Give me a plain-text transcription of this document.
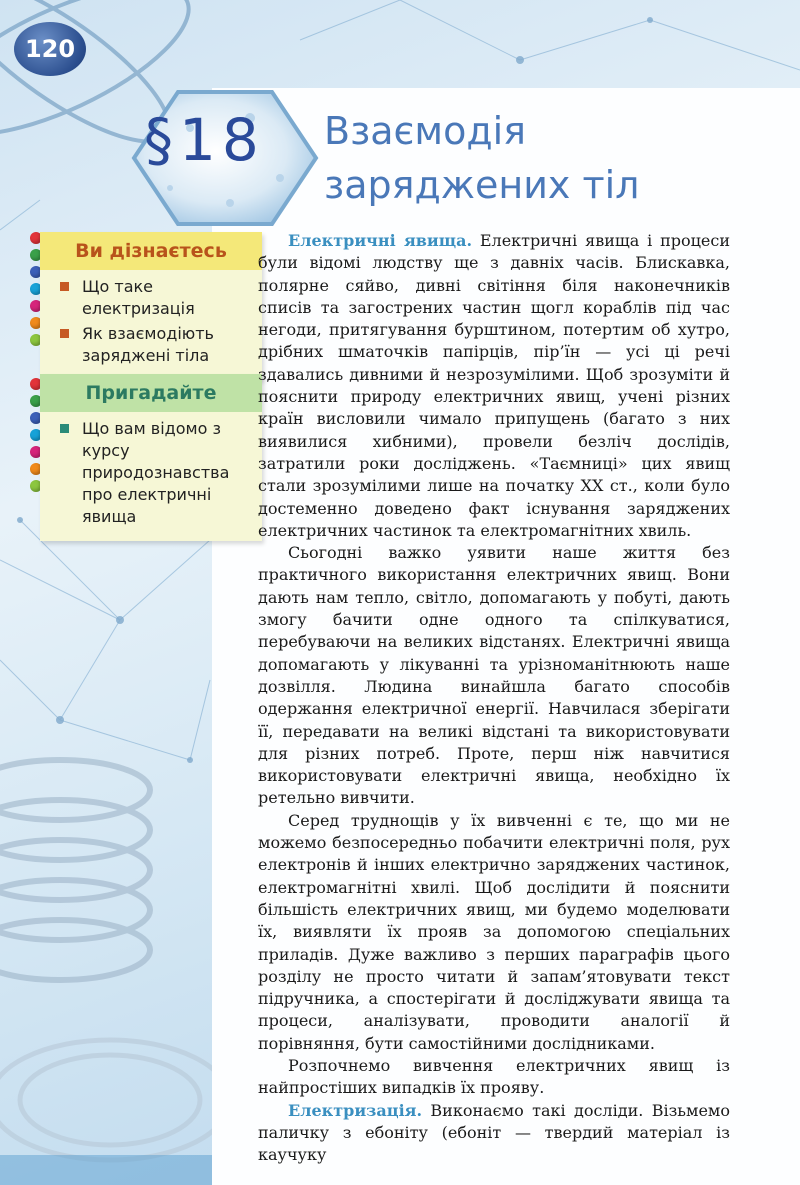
120
§18	Взаємодія
заряджених тіл
Ви дізнаєтесь
Що таке електризація
Як взаємодіють заряджені тіла
Пригадайте
Що вам відомо з курсу природознавства про електричні явища

Електричні явища. Електричні явища і процеси були відомі людству ще з давніх часів. Блискавка, полярне сяйво, дивні світіння біля наконечників списів та загострених частин щогл кораблів під час негоди, притягування бурштином, потертим об хутро, дрібних шматочків папірців, пір’їн — усі ці речі здавались дивними й незрозумілими. Щоб зрозуміти й пояснити природу електричних явищ, учені різних країн висловили чимало припущень (багато з них виявилися хибними), провели безліч дослідів, затратили роки досліджень. «Таємниці» цих явищ стали зрозумілими лише на початку XX ст., коли було достеменно доведено факт існування заряджених електричних частинок та електромагнітних хвиль.

Сьогодні важко уявити наше життя без практичного використання електричних явищ. Вони дають нам тепло, світло, допомагають у побуті, дають змогу бачити одне одного та спілкуватися, перебуваючи на великих відстанях. Електричні явища допомагають у лікуванні та урізноманітнюють наше дозвілля. Людина винайшла багато способів одержання електричної енергії. Навчилася зберігати її, передавати на великі відстані та використовувати для різних потреб. Проте, перш ніж навчитися використовувати електричні явища, необхідно їх ретельно вивчити.

Серед труднощів у їх вивченні є те, що ми не можемо безпосередньо побачити електричні поля, рух електронів й інших електрично заряджених частинок, електромагнітні хвилі. Щоб дослідити й пояснити більшість електричних явищ, ми будемо моделювати їх, виявляти їх прояв за допомогою спеціальних приладів. Дуже важливо з перших параграфів цього розділу не просто читати й запам’ятовувати текст підручника, а спостерігати й досліджувати явища та процеси, аналізувати, проводити аналогії й порівняння, бути самостійними дослідниками.

Розпочнемо вивчення електричних явищ із найпростіших випадків їх прояву.

Електризація. Виконаємо такі досліди. Візьмемо паличку з ебоніту (ебоніт — твердий матеріал із каучуку
